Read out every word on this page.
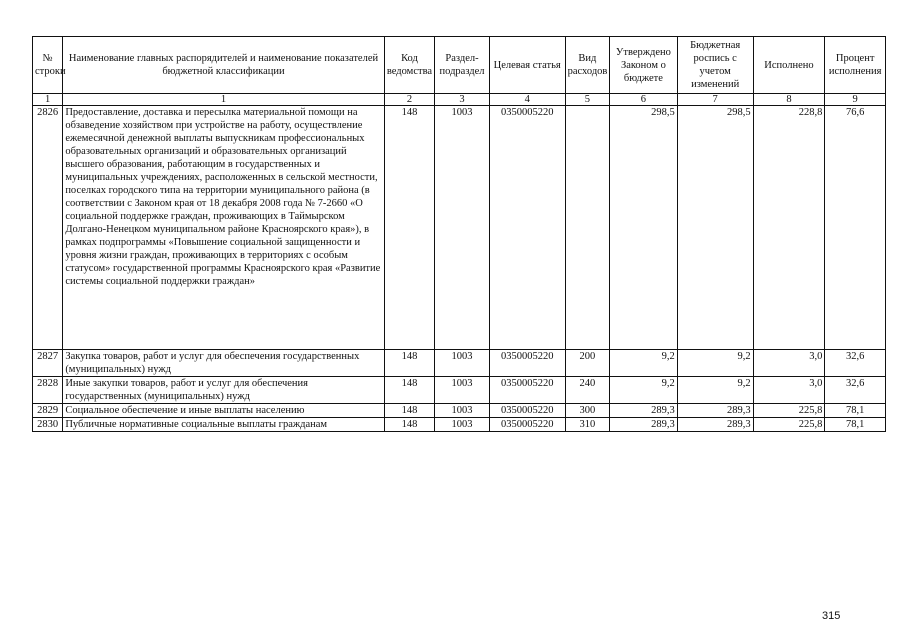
№ строки	Наименование главных распорядителей и наименование показателей бюджетной классификации	Код ведомства	Раздел-подраздел	Целевая статья	Вид расходов	Утверждено Законом о бюджете	Бюджетная роспись с учетом изменений	Исполнено	Процент исполнения
1	1	2	3	4	5	6	7	8	9
2826	Предоставление, доставка и пересылка материальной помощи на обзаведение хозяйством при устройстве на работу, осуществление ежемесячной денежной выплаты выпускникам профессиональных образовательных организаций и образовательных организаций высшего образования, работающим в государственных и муниципальных учреждениях, расположенных в сельской местности, поселках городского типа на территории муниципального района (в соответствии с Законом края от 18 декабря 2008 года № 7-2660 «О социальной поддержке граждан, проживающих в Таймырском Долгано-Ненецком муниципальном районе Красноярского края»), в рамках подпрограммы «Повышение социальной защищенности и уровня жизни граждан, проживающих в территориях с особым статусом» государственной программы Красноярского края «Развитие системы социальной поддержки граждан»	148	1003	0350005220		298,5	298,5	228,8	76,6
2827	Закупка товаров, работ и услуг для обеспечения государственных (муниципальных) нужд	148	1003	0350005220	200	9,2	9,2	3,0	32,6
2828	Иные закупки товаров, работ и услуг для обеспечения государственных (муниципальных) нужд	148	1003	0350005220	240	9,2	9,2	3,0	32,6
2829	Социальное обеспечение и иные выплаты населению	148	1003	0350005220	300	289,3	289,3	225,8	78,1
2830	Публичные нормативные социальные выплаты гражданам	148	1003	0350005220	310	289,3	289,3	225,8	78,1
315
